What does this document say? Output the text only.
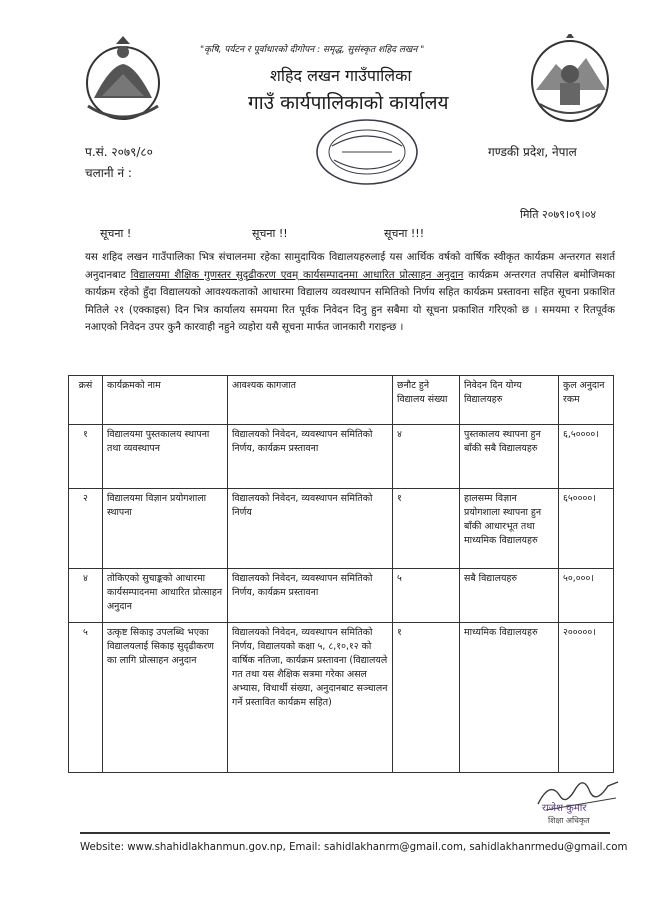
"कृषि, पर्यटन र पूर्वाधारको दीगोपन : समृद्ध, सुसंस्कृत शहिद लखन "
शहिद लखन गाउँपालिका
गाउँ कार्यपालिकाको कार्यालय
प.सं. २०७९/८०
चलानी नं :
गण्डकी प्रदेश, नेपाल
मिति २०७९।०९।०४
सूचना !	सूचना !!	सूचना !!!
यस शहिद लखन गाउँपालिका भित्र संचालनमा रहेका सामुदायिक विद्यालयहरुलाई यस आर्थिक वर्षको वार्षिक स्वीकृत कार्यक्रम अन्तरगत सशर्त अनुदानबाट विद्यालयमा शैक्षिक गुणस्तर सुदृढीकरण एवम् कार्यसम्पादनमा आधारित प्रोत्साहन अनुदान कार्यक्रम अन्तरगत तपसिल बमोजिमका कार्यक्रम रहेको हुँदा विद्यालयको आवश्यकताको आधारमा विद्यालय व्यवस्थापन समितिको निर्णय सहित कार्यक्रम प्रस्तावना सहित सूचना प्रकाशित मितिले २१ (एक्काइस) दिन भित्र कार्यालय समयमा रित पूर्वक निवेदन दिनु हुन सबैमा यो सूचना प्रकाशित गरिएको छ । समयमा र रितपूर्वक नआएको निवेदन उपर कुनै कारवाही नहुने व्यहोरा यसै सूचना मार्फत जानकारी गराइन्छ ।
क्रसं	कार्यक्रमको नाम	आवश्यक कागजात	छनौट हुने विद्यालय संख्या	निवेदन दिन योग्य विद्यालयहरु	कुल अनुदान रकम
१	विद्यालयमा पुस्तकालय स्थापना तथा व्यवस्थापन	विद्यालयको निवेदन, व्यवस्थापन समितिको निर्णय, कार्यक्रम प्रस्तावना	४	पुस्तकालय स्थापना हुन बाँकी सबै विद्यालयहरु	६,५००००।
२	विद्यालयमा विज्ञान प्रयोगशाला स्थापना	विद्यालयको निवेदन, व्यवस्थापन समितिको निर्णय	१	हालसम्म विज्ञान प्रयोगशाला स्थापना हुन बाँकी आधारभूत तथा माध्यमिक विद्यालयहरु	६५००००।
४	तोकिएको सुचाङ्कको आधारमा कार्यसम्पादनमा आधारित प्रोत्साहन अनुदान	विद्यालयको निवेदन, व्यवस्थापन समितिको निर्णय, कार्यक्रम प्रस्तावना	५	सबै विद्यालयहरु	५०,०००।
५	उत्कृष्ट सिकाइ उपलब्धि भएका विद्यालयलाई सिकाइ सुदृढीकरण का लागि प्रोत्साहन अनुदान	विद्यालयको निवेदन, व्यवस्थापन समितिको निर्णय, विद्यालयको कक्षा ५, ८,१०,१२ को वार्षिक नतिजा, कार्यक्रम प्रस्तावना (विद्यालयले गत तथा यस शैक्षिक सत्रमा गरेका असल अभ्यास, विधार्थी संख्या, अनुदानबाट सञ्चालन गर्ने प्रस्तावित कार्यक्रम सहित)	१	माध्यमिक विद्यालयहरु	२०००००।
राजेश कुमार
शिक्षा अधिकृत
Website: www.shahidlakhanmun.gov.np, Email: sahidlakhanrm@gmail.com, sahidlakhanrmedu@gmail.com
